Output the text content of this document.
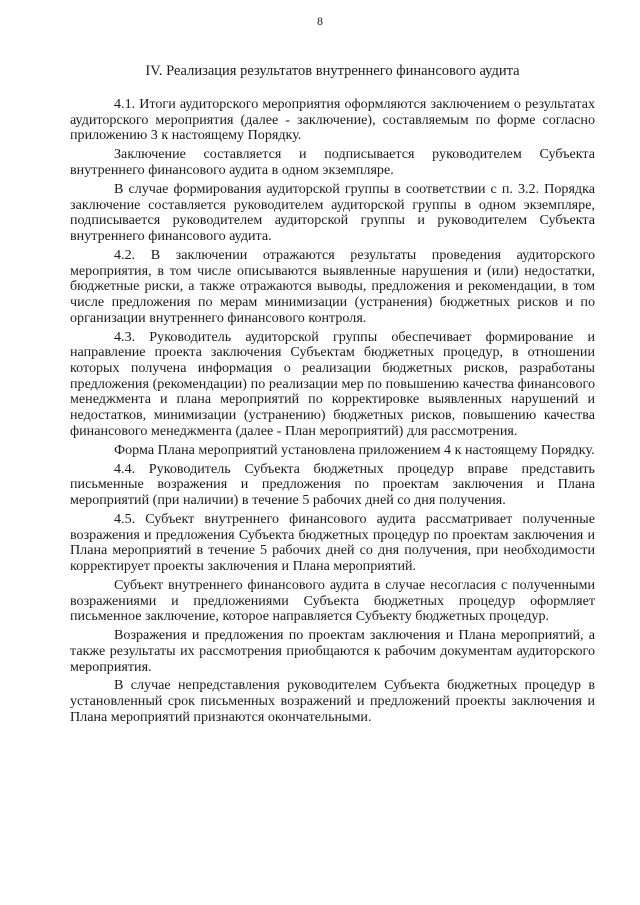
8
IV. Реализация результатов внутреннего финансового аудита

4.1. Итоги аудиторского мероприятия оформляются заключением о результатах аудиторского мероприятия (далее - заключение), составляемым по форме согласно приложению 3 к настоящему Порядку.

Заключение составляется и подписывается руководителем Субъекта внутреннего финансового аудита в одном экземпляре.

В случае формирования аудиторской группы в соответствии с п. 3.2. Порядка заключение составляется руководителем аудиторской группы в одном экземпляре, подписывается руководителем аудиторской группы и руководителем Субъекта внутреннего финансового аудита.

4.2. В заключении отражаются результаты проведения аудиторского мероприятия, в том числе описываются выявленные нарушения и (или) недостатки, бюджетные риски, а также отражаются выводы, предложения и рекомендации, в том числе предложения по мерам минимизации (устранения) бюджетных рисков и по организации внутреннего финансового контроля.

4.3. Руководитель аудиторской группы обеспечивает формирование и направление проекта заключения Субъектам бюджетных процедур, в отношении которых получена информация о реализации бюджетных рисков, разработаны предложения (рекомендации) по реализации мер по повышению качества финансового менеджмента и плана мероприятий по корректировке выявленных нарушений и недостатков, минимизации (устранению) бюджетных рисков, повышению качества финансового менеджмента (далее - План мероприятий) для рассмотрения.

Форма Плана мероприятий установлена приложением 4 к настоящему Порядку.

4.4. Руководитель Субъекта бюджетных процедур вправе представить письменные возражения и предложения по проектам заключения и Плана мероприятий (при наличии) в течение 5 рабочих дней со дня получения.

4.5. Субъект внутреннего финансового аудита рассматривает полученные возражения и предложения Субъекта бюджетных процедур по проектам заключения и Плана мероприятий в течение 5 рабочих дней со дня получения, при необходимости корректирует проекты заключения и Плана мероприятий.

Субъект внутреннего финансового аудита в случае несогласия с полученными возражениями и предложениями Субъекта бюджетных процедур оформляет письменное заключение, которое направляется Субъекту бюджетных процедур.

Возражения и предложения по проектам заключения и Плана мероприятий, а также результаты их рассмотрения приобщаются к рабочим документам аудиторского мероприятия.

В случае непредставления руководителем Субъекта бюджетных процедур в установленный срок письменных возражений и предложений проекты заключения и Плана мероприятий признаются окончательными.
